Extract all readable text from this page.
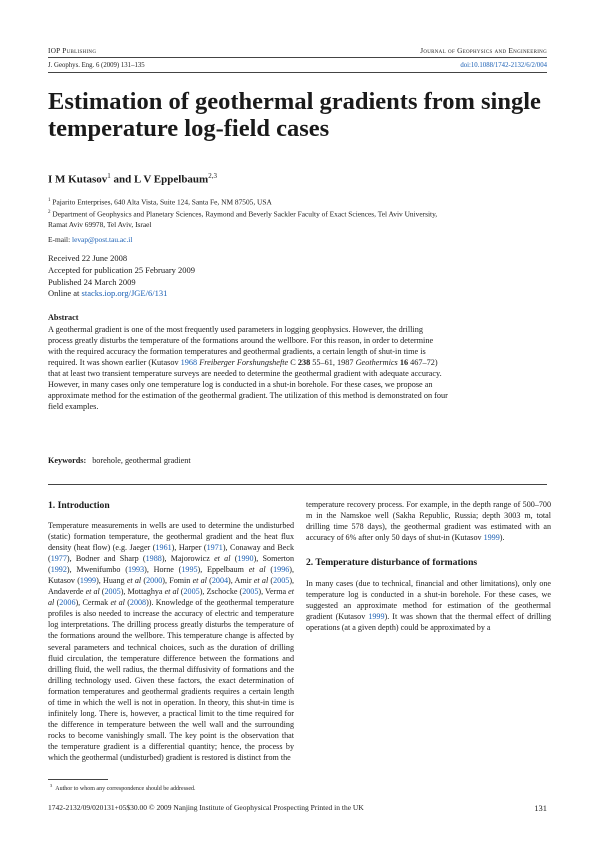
IOP Publishing	Journal of Geophysics and Engineering
J. Geophys. Eng. 6 (2009) 131–135	doi:10.1088/1742-2132/6/2/004
Estimation of geothermal gradients from single temperature log-field cases
I M Kutasov$^1$ and L V Eppelbaum$^{2,3}$
$^1$ Pajarito Enterprises, 640 Alta Vista, Suite 124, Santa Fe, NM 87505, USA
$^2$ Department of Geophysics and Planetary Sciences, Raymond and Beverly Sackler Faculty of Exact Sciences, Tel Aviv University, Ramat Aviv 69978, Tel Aviv, Israel
E-mail: levap@post.tau.ac.il
Received 22 June 2008
Accepted for publication 25 February 2009
Published 24 March 2009
Online at stacks.iop.org/JGE/6/131
Abstract

A geothermal gradient is one of the most frequently used parameters in logging geophysics. However, the drilling process greatly disturbs the temperature of the formations around the wellbore. For this reason, in order to determine with the required accuracy the formation temperatures and geothermal gradients, a certain length of shut-in time is required. It was shown earlier (Kutasov 1968 Freiberger Forshungshefte C 238 55–61, 1987 Geothermics 16 467–72) that at least two transient temperature surveys are needed to determine the geothermal gradient with adequate accuracy. However, in many cases only one temperature log is conducted in a shut-in borehole. For these cases, we propose an approximate method for the estimation of the geothermal gradient. The utilization of this method is demonstrated on four field examples.

Keywords: borehole, geothermal gradient
1. Introduction

Temperature measurements in wells are used to determine the undisturbed (static) formation temperature, the geothermal gradient and the heat flux density (heat flow) (e.g. Jaeger (1961), Harper (1971), Conaway and Beck (1977), Bodner and Sharp (1988), Majorowicz et al (1990), Somerton (1992), Mwenifumbo (1993), Horne (1995), Eppelbaum et al (1996), Kutasov (1999), Huang et al (2000), Fomin et al (2004), Amir et al (2005), Andaverde et al (2005), Mottaghya et al (2005), Zschocke (2005), Verma et al (2006), Cermak et al (2008)). Knowledge of the geothermal temperature profiles is also needed to increase the accuracy of electric and temperature log interpretations. The drilling process greatly disturbs the temperature of the formations around the wellbore. This temperature change is affected by several parameters and technical choices, such as the duration of drilling fluid circulation, the temperature difference between the formations and drilling fluid, the well radius, the thermal diffusivity of formations and the drilling technology used. Given these factors, the exact determination of formation temperatures and geothermal gradients requires a certain length of time in which the well is not in operation. In theory, this shut-in time is infinitely long. There is, however, a practical limit to the time required for the difference in temperature between the well wall and the surrounding rocks to become vanishingly small. The key point is the observation that the temperature gradient is a differential quantity; hence, the process by which the geothermal (undisturbed) gradient is restored is distinct from the

temperature recovery process. For example, in the depth range of 500–700 m in the Namskoe well (Sakha Republic, Russia; depth 3003 m, total drilling time 578 days), the geothermal gradient was estimated with an accuracy of 6% after only 50 days of shut-in (Kutasov 1999).

2. Temperature disturbance of formations

In many cases (due to technical, financial and other limitations), only one temperature log is conducted in a shut-in borehole. For these cases, we suggested an approximate method for estimation of the geothermal gradient (Kutasov 1999). It was shown that the thermal effect of drilling operations (at a given depth) could be approximated by a

$^3$  Author to whom any correspondence should be addressed.
1742-2132/09/020131+05$30.00 © 2009 Nanjing Institute of Geophysical Prospecting Printed in the UK	131
